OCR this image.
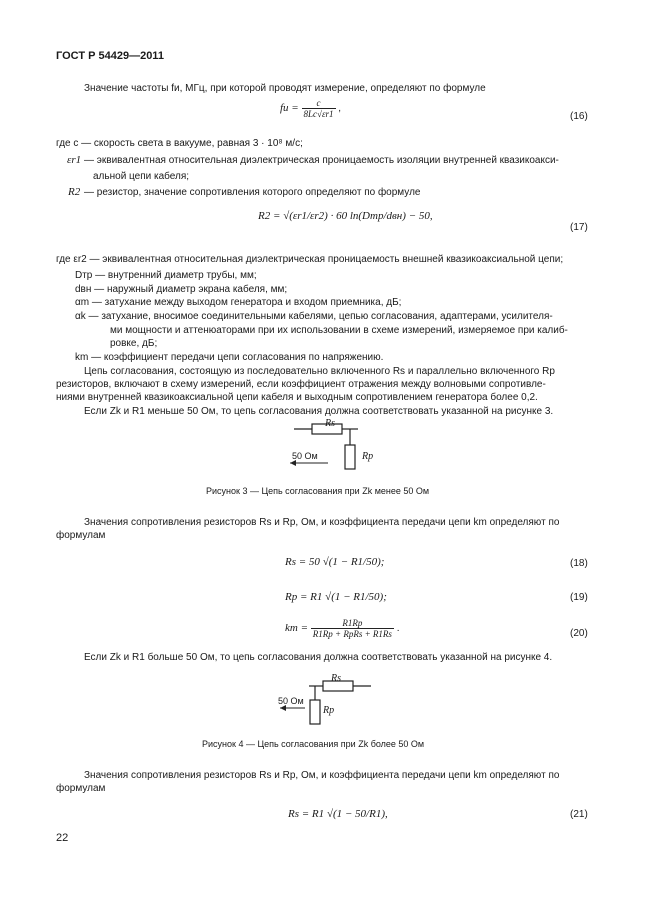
ГОСТ Р 54429—2011
Значение частоты fи, МГц, при которой проводят измерение, определяют по формуле
fи = $\frac{c}{8Lc√\varepsilon r1}$ ,
(16)
где c — скорость света в вакууме, равная 3 · 10⁸ м/с;
εr1 — эквивалентная относительная диэлектрическая проницаемость изоляции внутренней квазикоакси-
альной цепи кабеля;
R2 — резистор, значение сопротивления которого определяют по формуле
R2 = √(εr1/εr2) · 60 ln(Dтр/dвн) − 50,
(17)
где εr2 — эквивалентная относительная диэлектрическая проницаемость внешней квазикоаксиальной цепи;
Dтр — внутренний диаметр трубы, мм;
dвн — наружный диаметр экрана кабеля, мм;
αm — затухание между выходом генератора и входом приемника, дБ;
αk — затухание, вносимое соединительными кабелями, цепью согласования, адаптерами, усилителя-
ми мощности и аттенюаторами при их использовании в схеме измерений, измеряемое при калиб-
ровке, дБ;
km — коэффициент передачи цепи согласования по напряжению.
Цепь согласования, состоящую из последовательно включенного Rs и параллельно включенного Rp
резисторов, включают в схему измерений, если коэффициент отражения между волновыми сопротивле-
ниями внутренней квазикоаксиальной цепи кабеля и выходным сопротивлением генератора более 0,2.
Если Zk и R1 меньше 50 Ом, то цепь согласования должна соответствовать указанной на рисунке 3.
Rs
Rp
50 Ом
Рисунок 3 — Цепь согласования при Zk менее 50 Ом
Значения сопротивления резисторов Rs и Rp, Ом, и коэффициента передачи цепи km определяют по
формулам
Rs = 50 √(1 − R1/50);	(18)
Rp = R1 √(1 − R1/50);	(19)
km = $\frac{R1Rp}{\text{R1Rp + RpRs + R1Rs}}$ .	(20)
Если Zk и R1 больше 50 Ом, то цепь согласования должна соответствовать указанной на рисунке 4.
Rs
Rp
50 Ом
Рисунок 4 — Цепь согласования при Zk более 50 Ом
Значения сопротивления резисторов Rs и Rp, Ом, и коэффициента передачи цепи km определяют по
формулам
Rs = R1 √(1 − 50/R1),	(21)
22
